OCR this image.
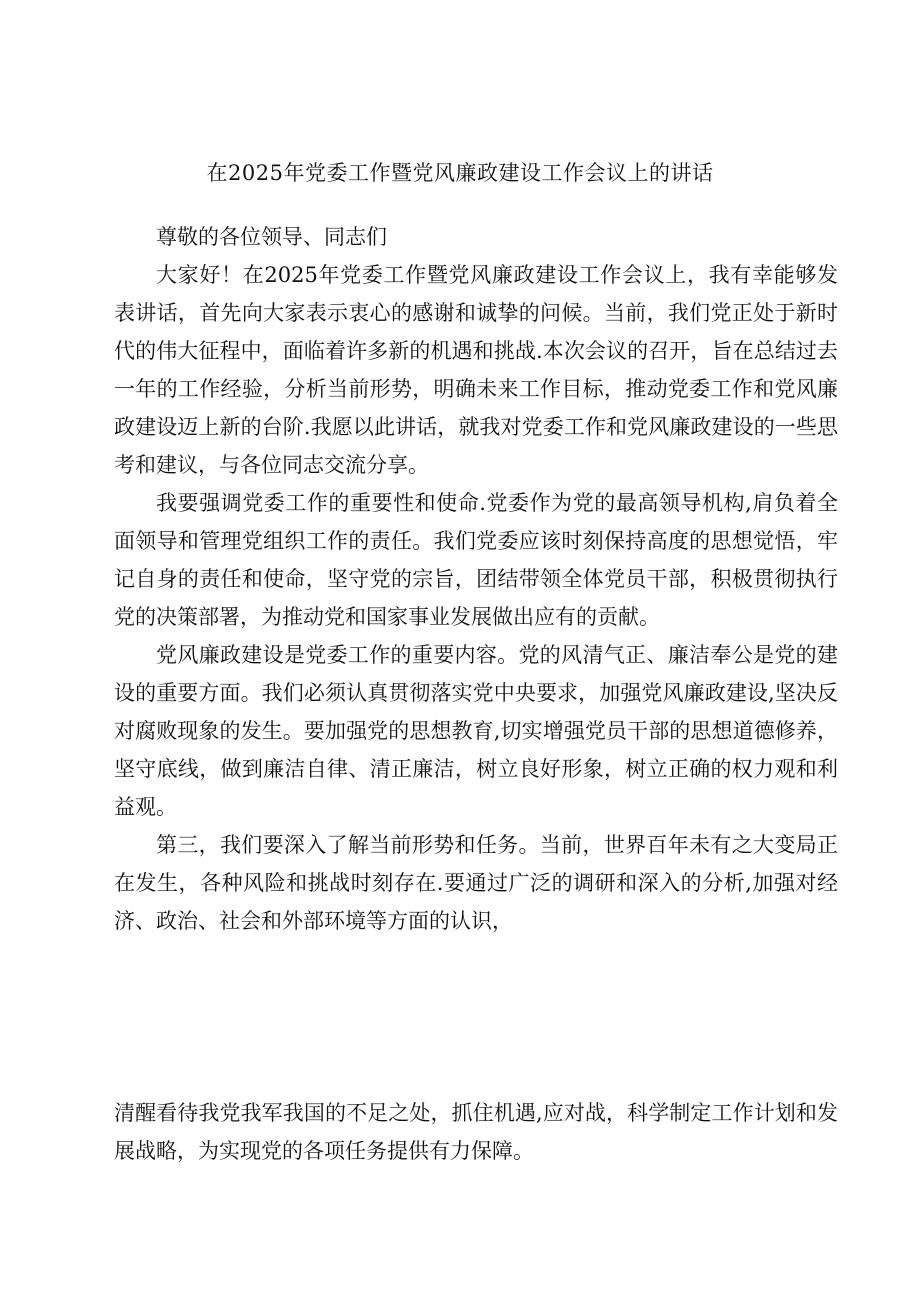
在2025年党委工作暨党风廉政建设工作会议上的讲话

尊敬的各位领导、同志们

大家好！在2025年党委工作暨党风廉政建设工作会议上，我有幸能够发表讲话，首先向大家表示衷心的感谢和诚挚的问候。当前，我们党正处于新时代的伟大征程中，面临着许多新的机遇和挑战.本次会议的召开，旨在总结过去一年的工作经验，分析当前形势，明确未来工作目标，推动党委工作和党风廉政建设迈上新的台阶.我愿以此讲话，就我对党委工作和党风廉政建设的一些思考和建议，与各位同志交流分享。

我要强调党委工作的重要性和使命.党委作为党的最高领导机构,肩负着全面领导和管理党组织工作的责任。我们党委应该时刻保持高度的思想觉悟，牢记自身的责任和使命，坚守党的宗旨，团结带领全体党员干部，积极贯彻执行党的决策部署，为推动党和国家事业发展做出应有的贡献。

党风廉政建设是党委工作的重要内容。党的风清气正、廉洁奉公是党的建设的重要方面。我们必须认真贯彻落实党中央要求，加强党风廉政建设,坚决反对腐败现象的发生。要加强党的思想教育,切实增强党员干部的思想道德修养，坚守底线，做到廉洁自律、清正廉洁，树立良好形象，树立正确的权力观和利益观。

第三，我们要深入了解当前形势和任务。当前，世界百年未有之大变局正在发生，各种风险和挑战时刻存在.要通过广泛的调研和深入的分析,加强对经济、政治、社会和外部环境等方面的认识，

清醒看待我党我军我国的不足之处，抓住机遇,应对战，科学制定工作计划和发展战略，为实现党的各项任务提供有力保障。
